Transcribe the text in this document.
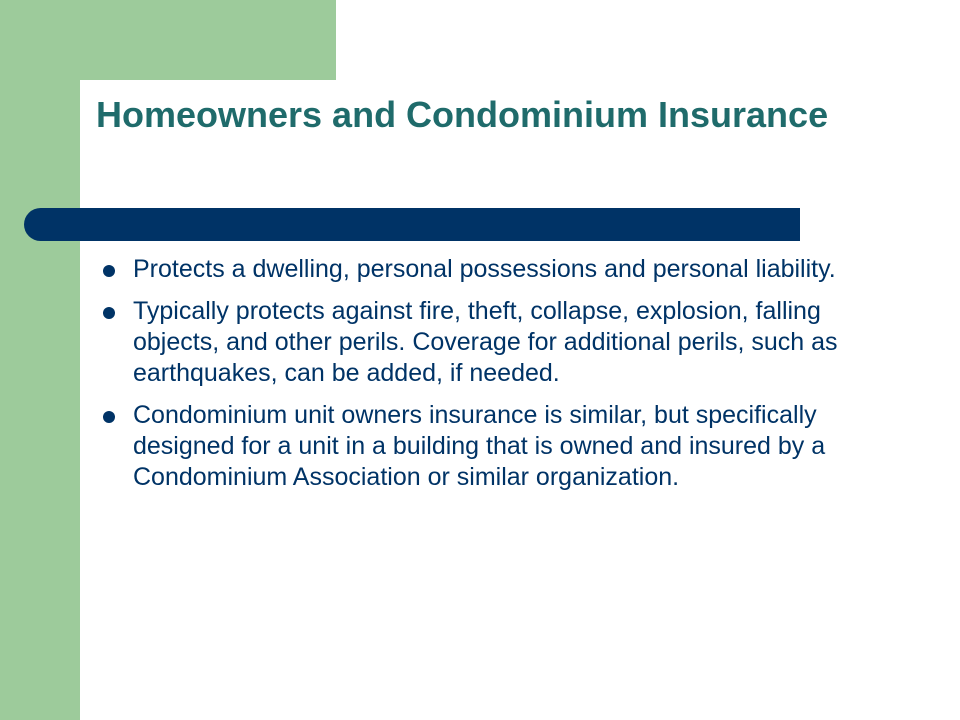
Homeowners and Condominium Insurance
Protects a dwelling, personal possessions and personal liability.
Typically protects against fire, theft, collapse, explosion, falling objects, and other perils. Coverage for additional perils, such as earthquakes, can be added, if needed.
Condominium unit owners insurance is similar, but specifically designed for a unit in a building that is owned and insured by a Condominium Association or similar organization.
